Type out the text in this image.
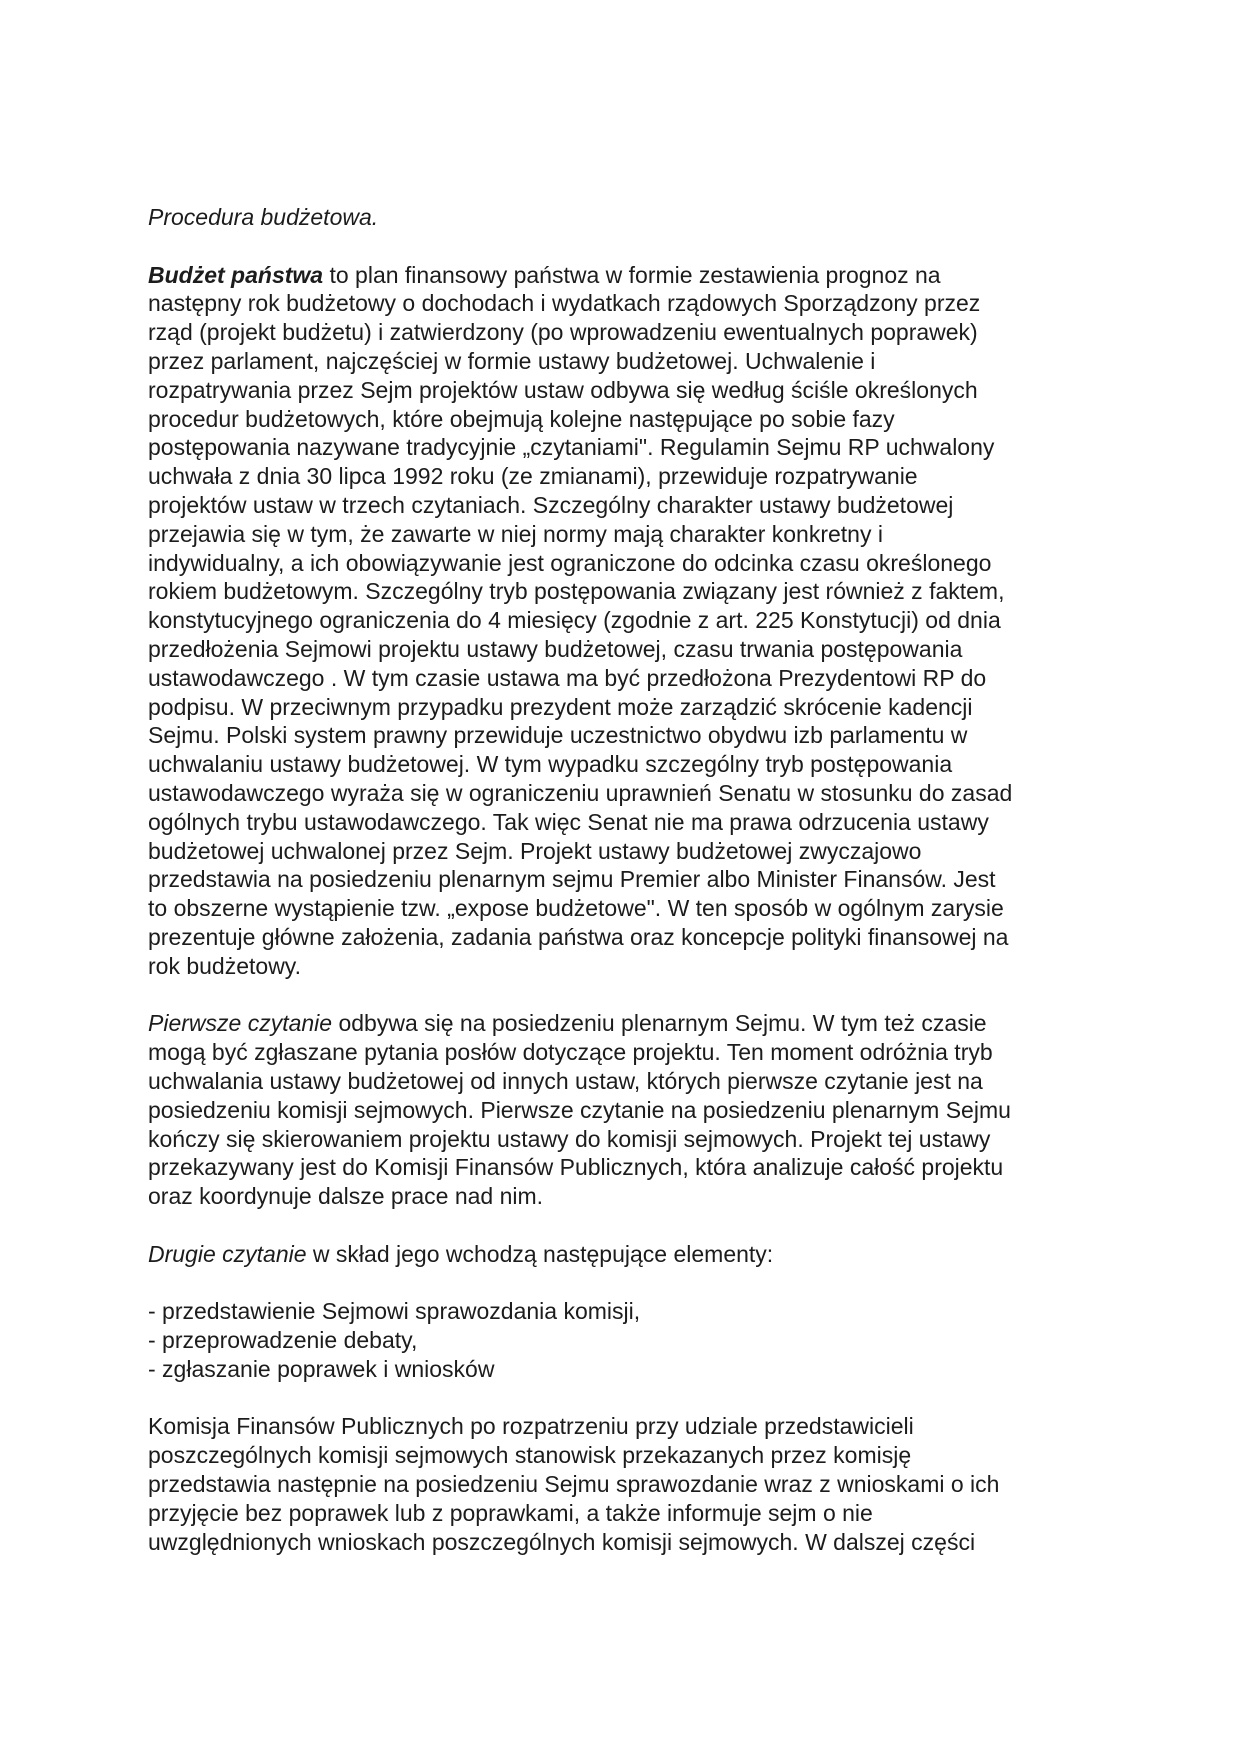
Procedura budżetowa.

Budżet państwa to plan finansowy państwa w formie zestawienia prognoz na
następny rok budżetowy o dochodach i wydatkach rządowych Sporządzony przez
rząd (projekt budżetu) i zatwierdzony (po wprowadzeniu ewentualnych poprawek)
przez parlament, najczęściej w formie ustawy budżetowej. Uchwalenie i
rozpatrywania przez Sejm projektów ustaw odbywa się według ściśle określonych
procedur budżetowych, które obejmują kolejne następujące po sobie fazy
postępowania nazywane tradycyjnie „czytaniami". Regulamin Sejmu RP uchwalony
uchwała z dnia 30 lipca 1992 roku (ze zmianami), przewiduje rozpatrywanie
projektów ustaw w trzech czytaniach. Szczególny charakter ustawy budżetowej
przejawia się w tym, że zawarte w niej normy mają charakter konkretny i
indywidualny, a ich obowiązywanie jest ograniczone do odcinka czasu określonego
rokiem budżetowym. Szczególny tryb postępowania związany jest również z faktem,
konstytucyjnego ograniczenia do 4 miesięcy (zgodnie z art. 225 Konstytucji) od dnia
przedłożenia Sejmowi projektu ustawy budżetowej, czasu trwania postępowania
ustawodawczego . W tym czasie ustawa ma być przedłożona Prezydentowi RP do
podpisu. W przeciwnym przypadku prezydent może zarządzić skrócenie kadencji
Sejmu. Polski system prawny przewiduje uczestnictwo obydwu izb parlamentu w
uchwalaniu ustawy budżetowej. W tym wypadku szczególny tryb postępowania
ustawodawczego wyraża się w ograniczeniu uprawnień Senatu w stosunku do zasad
ogólnych trybu ustawodawczego. Tak więc Senat nie ma prawa odrzucenia ustawy
budżetowej uchwalonej przez Sejm. Projekt ustawy budżetowej zwyczajowo
przedstawia na posiedzeniu plenarnym sejmu Premier albo Minister Finansów. Jest
to obszerne wystąpienie tzw. „expose budżetowe". W ten sposób w ogólnym zarysie
prezentuje główne założenia, zadania państwa oraz koncepcje polityki finansowej na
rok budżetowy.
Pierwsze czytanie odbywa się na posiedzeniu plenarnym Sejmu. W tym też czasie
mogą być zgłaszane pytania posłów dotyczące projektu. Ten moment odróżnia tryb
uchwalania ustawy budżetowej od innych ustaw, których pierwsze czytanie jest na
posiedzeniu komisji sejmowych. Pierwsze czytanie na posiedzeniu plenarnym Sejmu
kończy się skierowaniem projektu ustawy do komisji sejmowych. Projekt tej ustawy
przekazywany jest do Komisji Finansów Publicznych, która analizuje całość projektu
oraz koordynuje dalsze prace nad nim.
Drugie czytanie w skład jego wchodzą następujące elementy:
- przedstawienie Sejmowi sprawozdania komisji,
- przeprowadzenie debaty,
- zgłaszanie poprawek i wniosków
Komisja Finansów Publicznych po rozpatrzeniu przy udziale przedstawicieli
poszczególnych komisji sejmowych stanowisk przekazanych przez komisję
przedstawia następnie na posiedzeniu Sejmu sprawozdanie wraz z wnioskami o ich
przyjęcie bez poprawek lub z poprawkami, a także informuje sejm o nie
uwzględnionych wnioskach poszczególnych komisji sejmowych. W dalszej części
